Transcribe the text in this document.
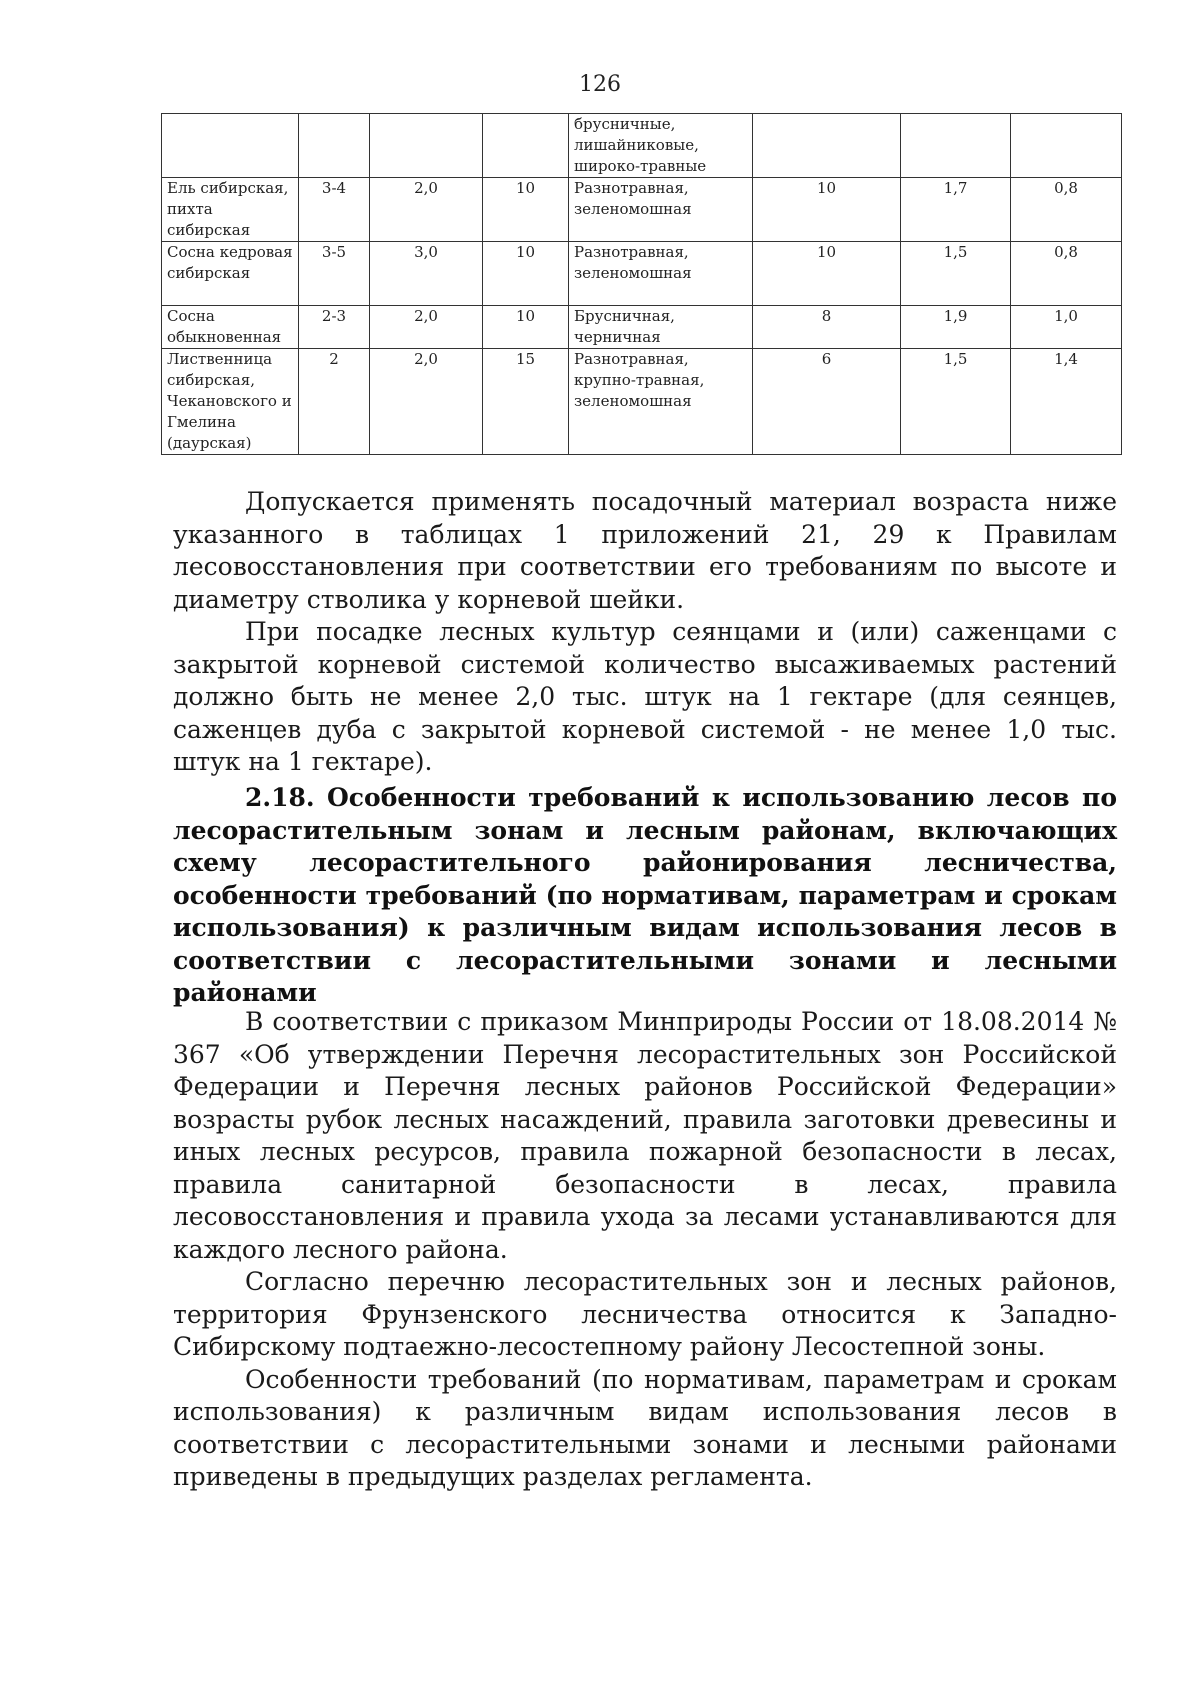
126
				брусничные, лишайниковые, широко-травные			
Ель сибирская, пихта сибирская	3-4	2,0	10	Разнотравная, зеленомошная	10	1,7	0,8
Сосна кедровая сибирская	3-5	3,0	10	Разнотравная, зеленомошная	10	1,5	0,8
Сосна обыкновенная	2-3	2,0	10	Брусничная, черничная	8	1,9	1,0
Лиственница сибирская, Чекановского и Гмелина (даурская)	2	2,0	15	Разнотравная, крупно-травная, зеленомошная	6	1,5	1,4

Допускается применять посадочный материал возраста ниже указанного в таблицах 1 приложений 21, 29 к Правилам лесовосстановления при соответствии его требованиям по высоте и диаметру стволика у корневой шейки.

При посадке лесных культур сеянцами и (или) саженцами с закрытой корневой системой количество высаживаемых растений должно быть не менее 2,0 тыс. штук на 1 гектаре (для сеянцев, саженцев дуба с закрытой корневой системой - не менее 1,0 тыс. штук на 1 гектаре).

2.18. Особенности требований к использованию лесов по лесорастительным зонам и лесным районам, включающих схему лесорастительного районирования лесничества, особенности требований (по нормативам, параметрам и срокам использования) к различным видам использования лесов в соответствии с лесорастительными зонами и лесными районами

В соответствии с приказом Минприроды России от 18.08.2014 № 367 «Об утверждении Перечня лесорастительных зон Российской Федерации и Перечня лесных районов Российской Федерации» возрасты рубок лесных насаждений, правила заготовки древесины и иных лесных ресурсов, правила пожарной безопасности в лесах, правила санитарной безопасности в лесах, правила лесовосстановления и правила ухода за лесами устанавливаются для каждого лесного района.

Согласно перечню лесорастительных зон и лесных районов, территория Фрунзенского лесничества относится к Западно-Сибирскому подтаежно-лесостепному району Лесостепной зоны.

Особенности требований (по нормативам, параметрам и срокам использования) к различным видам использования лесов в соответствии с лесорастительными зонами и лесными районами приведены в предыдущих разделах регламента.
